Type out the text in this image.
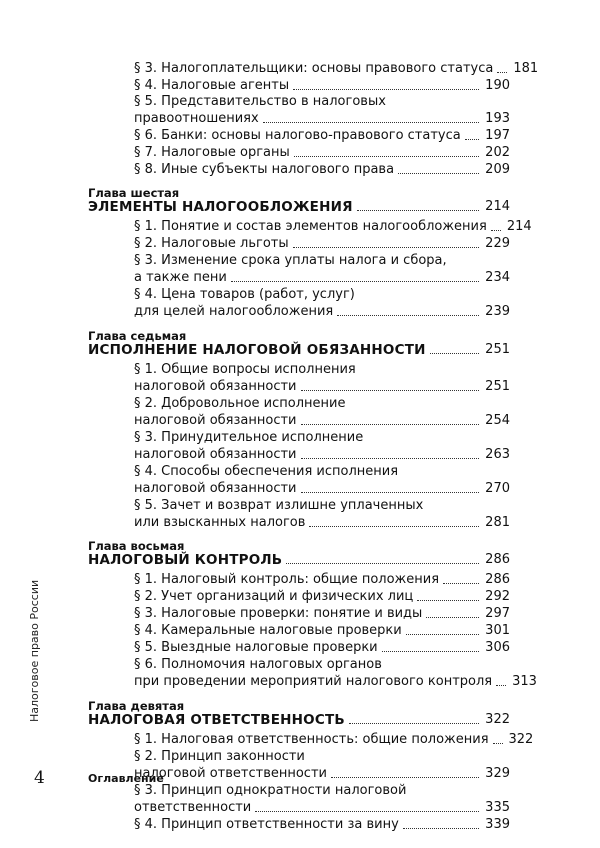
§ 3. Налогоплательщики: основы правового статуса 181
§ 4. Налоговые агенты	190
§ 5. Представительство в налоговых
правоотношениях	193
§ 6. Банки: основы налогово-правового статуса 197
§ 7. Налоговые органы	202
§ 8. Иные субъекты налогового права	209
Глава шестая
ЭЛЕМЕНТЫ НАЛОГООБЛОЖЕНИЯ	214
§ 1. Понятие и состав элементов налогообложения 214
§ 2. Налоговые льготы	229
§ 3. Изменение срока уплаты налога и сбора,
а также пени	234
§ 4. Цена товаров (работ, услуг)
для целей налогообложения	239
Глава седьмая
ИСПОЛНЕНИЕ НАЛОГОВОЙ ОБЯЗАННОСТИ	251
§ 1. Общие вопросы исполнения
налоговой обязанности	251
§ 2. Добровольное исполнение
налоговой обязанности	254
§ 3. Принудительное исполнение
налоговой обязанности	263
§ 4. Способы обеспечения исполнения
налоговой обязанности	270
§ 5. Зачет и возврат излишне уплаченных
или взысканных налогов	281
Глава восьмая
НАЛОГОВЫЙ КОНТРОЛЬ	286
§ 1. Налоговый контроль: общие положения	286
§ 2. Учет организаций и физических лиц	292
§ 3. Налоговые проверки: понятие и виды	297
§ 4. Камеральные налоговые проверки	301
§ 5. Выездные налоговые проверки	306
§ 6. Полномочия налоговых органов
при проведении мероприятий налогового контроля 313
Глава девятая
НАЛОГОВАЯ ОТВЕТСТВЕННОСТЬ	322
§ 1. Налоговая ответственность: общие положения 322
§ 2. Принцип законности
налоговой ответственности	329
§ 3. Принцип однократности налоговой
ответственности	335
§ 4. Принцип ответственности за вину	339
Налоговое право России
4	Оглавление
